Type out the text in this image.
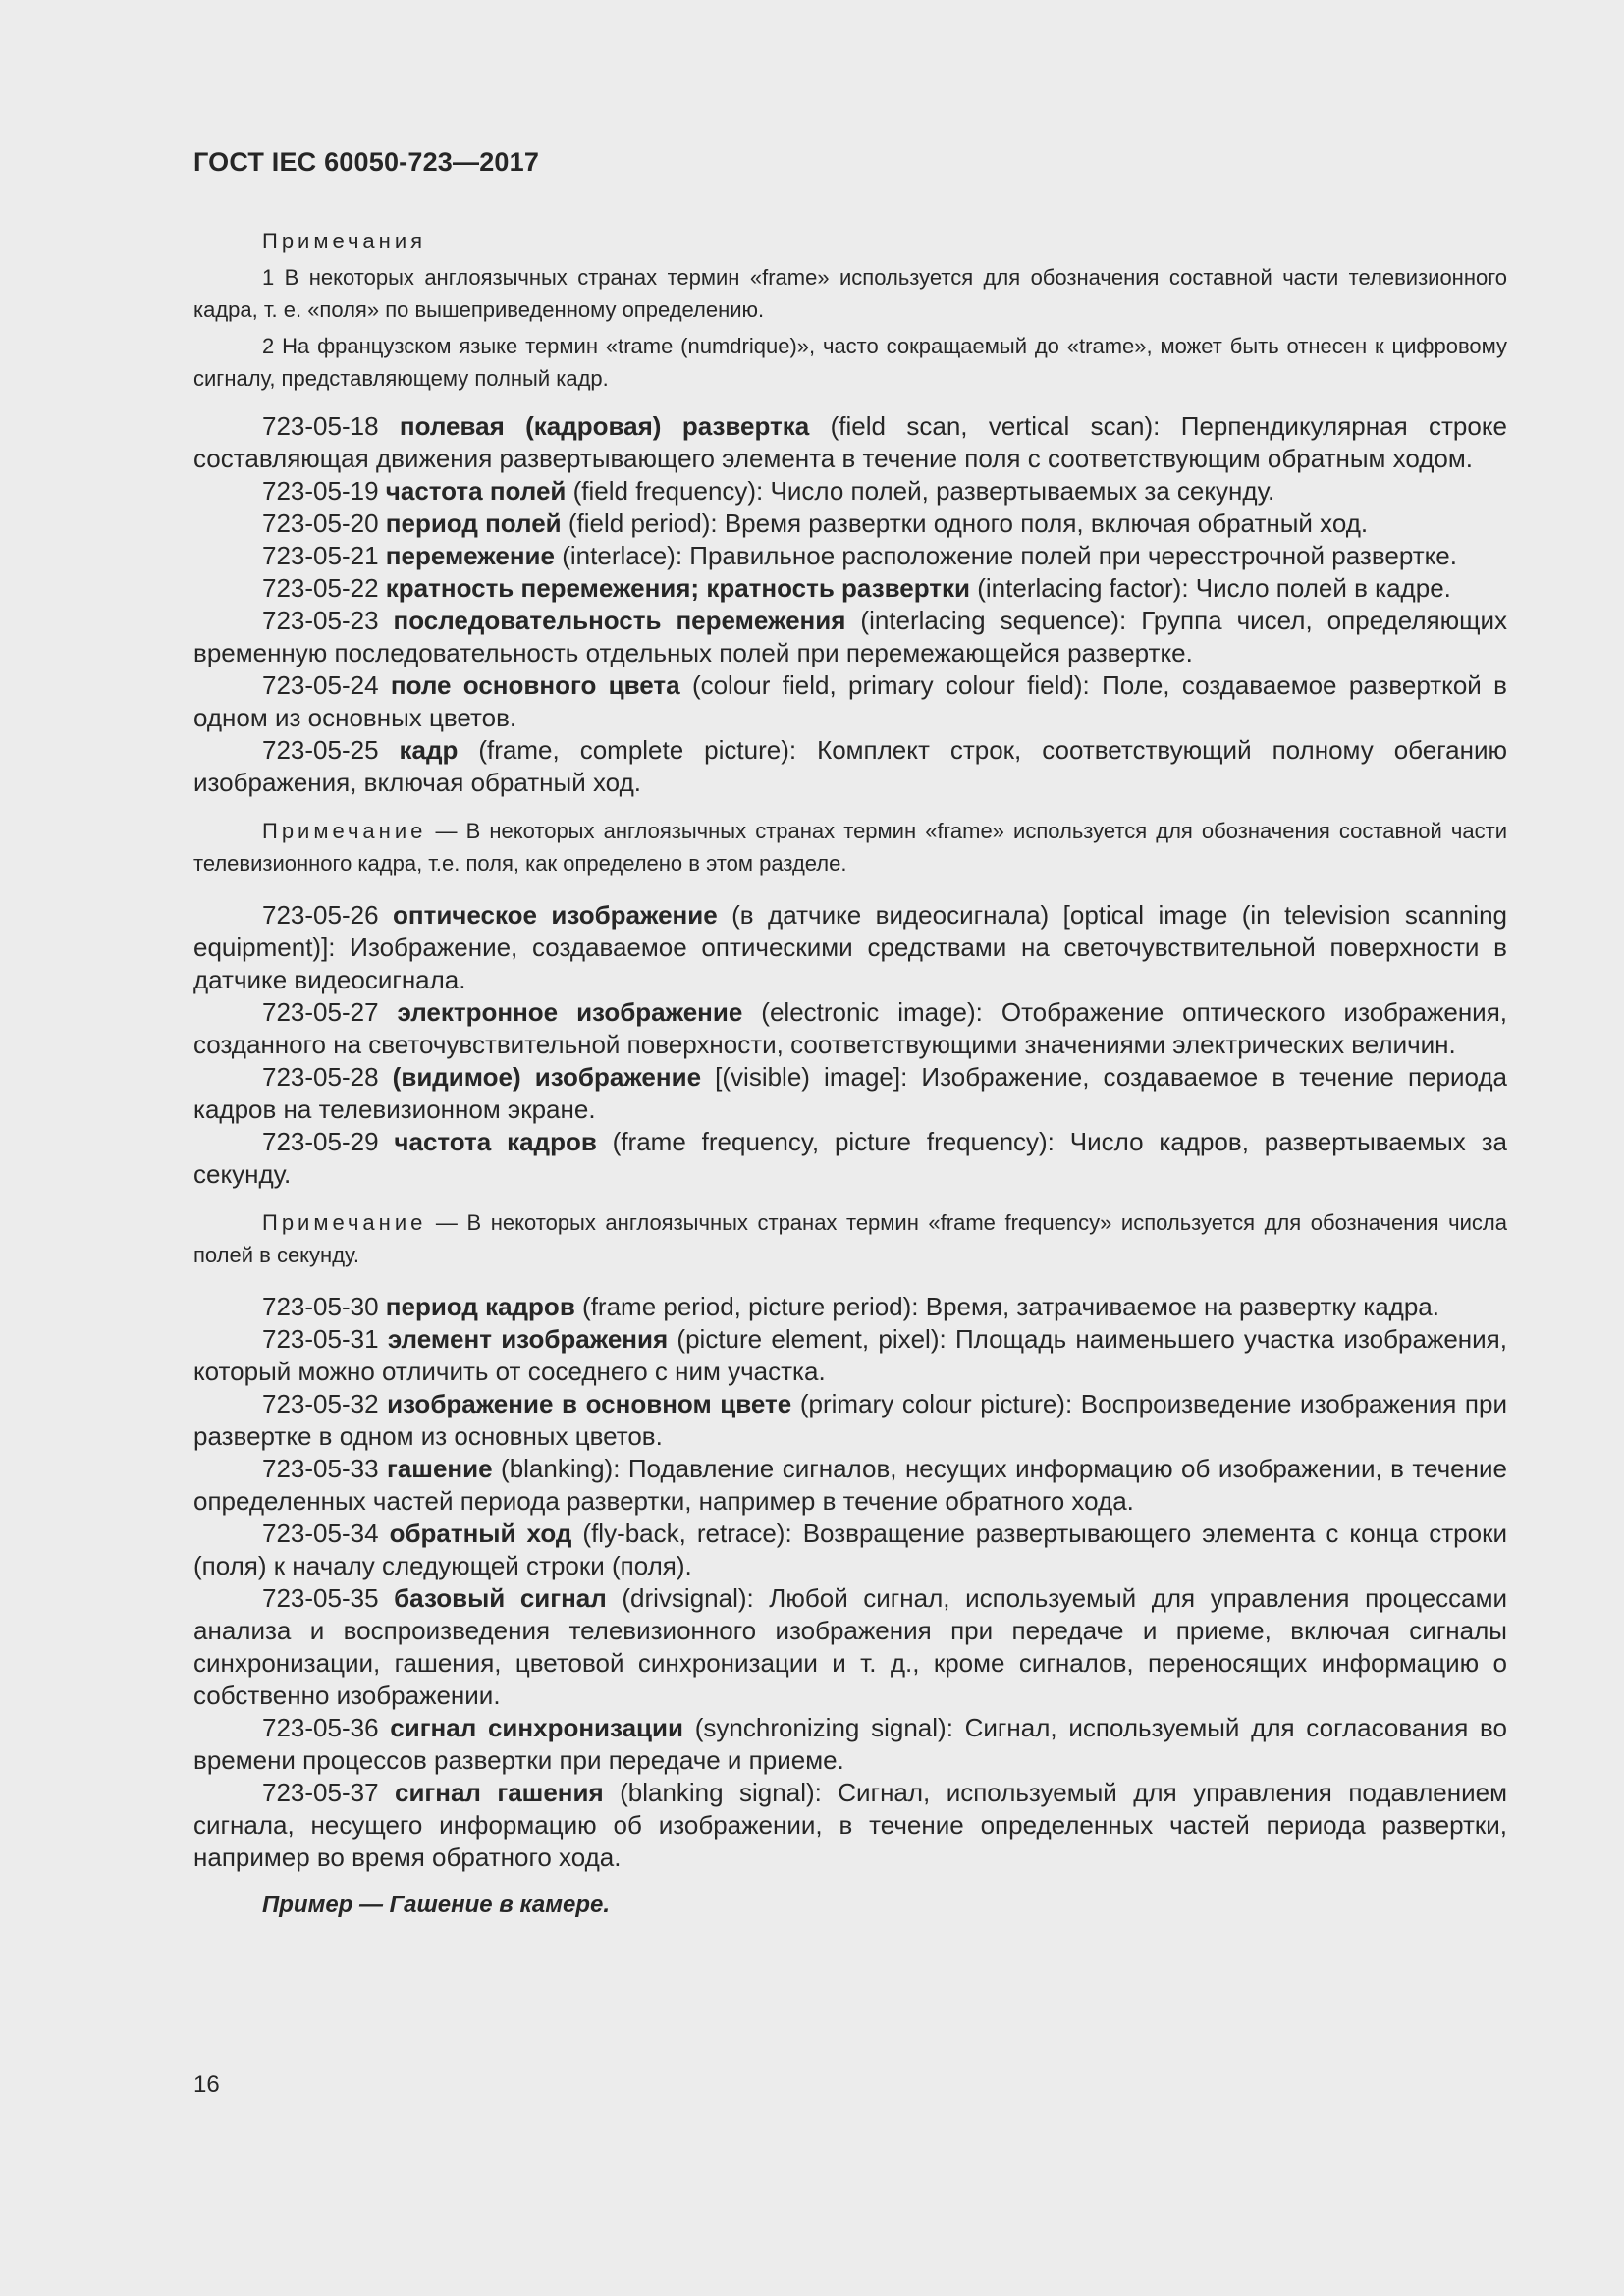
ГОСТ IEC 60050-723—2017
Примечания

1 В некоторых англоязычных странах термин «frame» используется для обозначения составной части телевизионного кадра, т. е. «поля» по вышеприведенному определению.

2 На французском языке термин «trame (numdrique)», часто сокращаемый до «trame», может быть отнесен к цифровому сигналу, представляющему полный кадр.

723-05-18 полевая (кадровая) развертка (field scan, vertical scan): Перпендикулярная строке составляющая движения развертывающего элемента в течение поля с соответствующим обратным ходом.

723-05-19 частота полей (field frequency): Число полей, развертываемых за секунду.

723-05-20 период полей (field period): Время развертки одного поля, включая обратный ход.

723-05-21 перемежение (interlace): Правильное расположение полей при чересстрочной развертке.

723-05-22 кратность перемежения; кратность развертки (interlacing factor): Число полей в кадре.

723-05-23 последовательность перемежения (interlacing sequence): Группа чисел, определяющих временную последовательность отдельных полей при перемежающейся развертке.

723-05-24 поле основного цвета (colour field, primary colour field): Поле, создаваемое разверткой в одном из основных цветов.

723-05-25 кадр (frame, complete picture): Комплект строк, соответствующий полному обеганию изображения, включая обратный ход.

Примечание — В некоторых англоязычных странах термин «frame» используется для обозначения составной части телевизионного кадра, т.е. поля, как определено в этом разделе.

723-05-26 оптическое изображение (в датчике видеосигнала) [optical image (in television scanning equipment)]: Изображение, создаваемое оптическими средствами на светочувствительной поверхности в датчике видеосигнала.

723-05-27 электронное изображение (electronic image): Отображение оптического изображения, созданного на светочувствительной поверхности, соответствующими значениями электрических величин.

723-05-28 (видимое) изображение [(visible) image]: Изображение, создаваемое в течение периода кадров на телевизионном экране.

723-05-29 частота кадров (frame frequency, picture frequency): Число кадров, развертываемых за секунду.

Примечание — В некоторых англоязычных странах термин «frame frequency» используется для обозначения числа полей в секунду.

723-05-30 период кадров (frame period, picture period): Время, затрачиваемое на развертку кадра.

723-05-31 элемент изображения (picture element, pixel): Площадь наименьшего участка изображения, который можно отличить от соседнего с ним участка.

723-05-32 изображение в основном цвете (primary colour picture): Воспроизведение изображения при развертке в одном из основных цветов.

723-05-33 гашение (blanking): Подавление сигналов, несущих информацию об изображении, в течение определенных частей периода развертки, например в течение обратного хода.

723-05-34 обратный ход (fly-back, retrace): Возвращение развертывающего элемента с конца строки (поля) к началу следующей строки (поля).

723-05-35 базовый сигнал (drivsignal): Любой сигнал, используемый для управления процессами анализа и воспроизведения телевизионного изображения при передаче и приеме, включая сигналы синхронизации, гашения, цветовой синхронизации и т. д., кроме сигналов, переносящих информацию о собственно изображении.

723-05-36 сигнал синхронизации (synchronizing signal): Сигнал, используемый для согласования во времени процессов развертки при передаче и приеме.

723-05-37 сигнал гашения (blanking signal): Сигнал, используемый для управления подавлением сигнала, несущего информацию об изображении, в течение определенных частей периода развертки, например во время обратного хода.

Пример — Гашение в камере.
16
